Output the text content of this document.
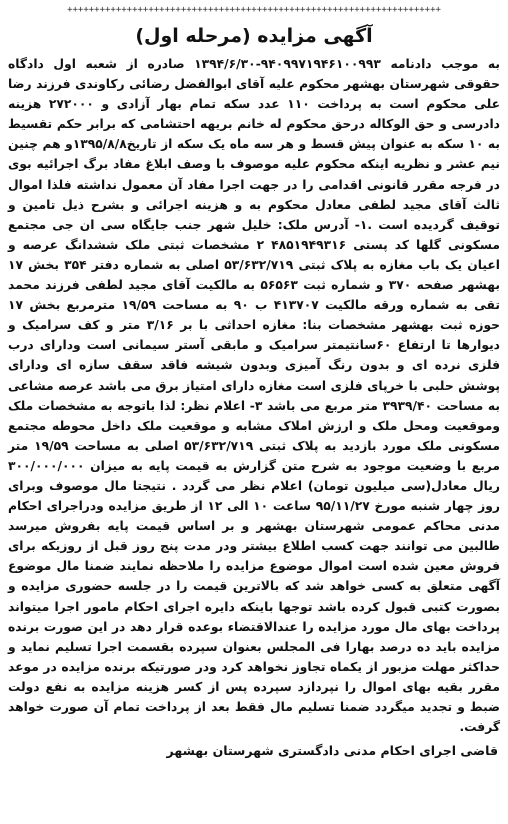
+++++++++++++++++++++++++++++++++++++++++++++++++++++++++++++++++++++
آگهی مزایده (مرحله اول)

به موجب دادنامه ۹۴۰۹۹۷۱۹۴۶۱۰۰۹۹۳-۱۳۹۴/۶/۳۰ صادره از شعبه اول دادگاه حقوقی شهرستان بهشهر محکوم علیه آقای ابوالفضل رضائی رکاوندی فرزند رضا علی محکوم است به پرداخت ۱۱۰ عدد سکه تمام بهار آزادی و ۲۷۲۰۰۰ هزینه دادرسی و حق الوکاله درحق محکوم له خانم بریهه احتشامی که برابر حکم تقسیط به ۱۰ سکه به عنوان پیش قسط و هر سه ماه یک سکه از تاریخ۱۳۹۵/۸/۸و هم چنین نیم عشر و نظریه اینکه محکوم علیه موصوف با وصف ابلاغ مفاد برگ اجرائیه بوی در فرجه مقرر قانونی اقدامی را در جهت اجرا مفاد آن معمول نداشته فلذا اموال ثالث آقای مجید لطفی معادل محکوم به و هزینه اجرائی و بشرح ذیل تامین و توقیف گردیده است .۱- آدرس ملک: خلیل شهر جنب جایگاه سی ان جی مجتمع مسکونی گلها کد پستی ۴۸۵۱۹۴۹۳۱۶ ۲ مشخصات ثبتی ملک ششدانگ عرصه و اعیان یک باب مغازه به پلاک ثبتی ۵۳/۶۳۲/۷۱۹ اصلی به شماره دفتر ۳۵۴ بخش ۱۷ بهشهر صفحه ۳۷۰ و شماره ثبت ۵۶۵۶۳ به مالکیت آقای مجید لطفی فرزند محمد تقی به شماره ورقه مالکیت ۴۱۳۷۰۷ ب ۹۰ به مساحت ۱۹/۵۹ مترمربع بخش ۱۷ حوزه ثبت بهشهر مشخصات بنا: مغازه احداثی با بر ۳/۱۶ متر و کف سرامیک و دیوارها تا ارتفاع ۶۰سانتیمتر سرامیک و مابقی آستر سیمانی است ودارای درب فلزی نرده ای و بدون رنگ آمیزی وبدون شیشه فاقد سقف سازه ای ودارای پوشش حلبی با خرپای فلزی است مغازه دارای امتیاز برق می باشد عرصه مشاعی به مساحت ۳۹۳۹/۴۰ متر مربع می باشد ۳- اعلام نظر: لذا باتوجه به مشخصات ملک وموقعیت ومحل ملک و ارزش املاک مشابه و موقعیت ملک داخل محوطه مجتمع مسکونی ملک مورد بازدید به پلاک ثبتی ۵۳/۶۳۲/۷۱۹ اصلی به مساحت ۱۹/۵۹ متر مربع با وضعیت موجود به شرح متن گزارش به قیمت پایه به میزان ۳۰۰/۰۰۰/۰۰۰ ریال معادل(سی میلیون تومان) اعلام نظر می گردد . نتیجتا مال موصوف وبرای روز چهار شنبه مورخ ۹۵/۱۱/۲۷ ساعت ۱۰ الی ۱۲ از طریق مزایده ودراجرای احکام مدنی محاکم عمومی شهرستان بهشهر و بر اساس قیمت پایه بفروش میرسد طالبین می توانند جهت کسب اطلاع بیشتر ودر مدت پنج روز قبل از روزیکه برای فروش معین شده است اموال موضوع مزایده را ملاحظه نمایند ضمنا مال موضوع آگهی متعلق به کسی خواهد شد که بالاترین قیمت را در جلسه حضوری مزایده و بصورت کتبی قبول کرده باشد توجها باینکه دایره اجرای احکام مامور اجرا میتواند پرداخت بهای مال مورد مزایده را عندالاقتضاء بوعده قرار دهد در این صورت برنده مزایده باید ده درصد بهارا فی المجلس بعنوان سپرده بقسمت اجرا تسلیم نماید و حداکثر مهلت مزبور از یکماه تجاوز نخواهد کرد ودر صورتیکه برنده مزایده در موعد مقرر بقیه بهای اموال را نپردازد سپرده پس از کسر هزینه مزایده به نفع دولت ضبط و تجدید میگردد ضمنا تسلیم مال فقط بعد از پرداخت تمام آن صورت خواهد گرفت.

قاضی اجرای احکام مدنی دادگستری شهرستان بهشهر
